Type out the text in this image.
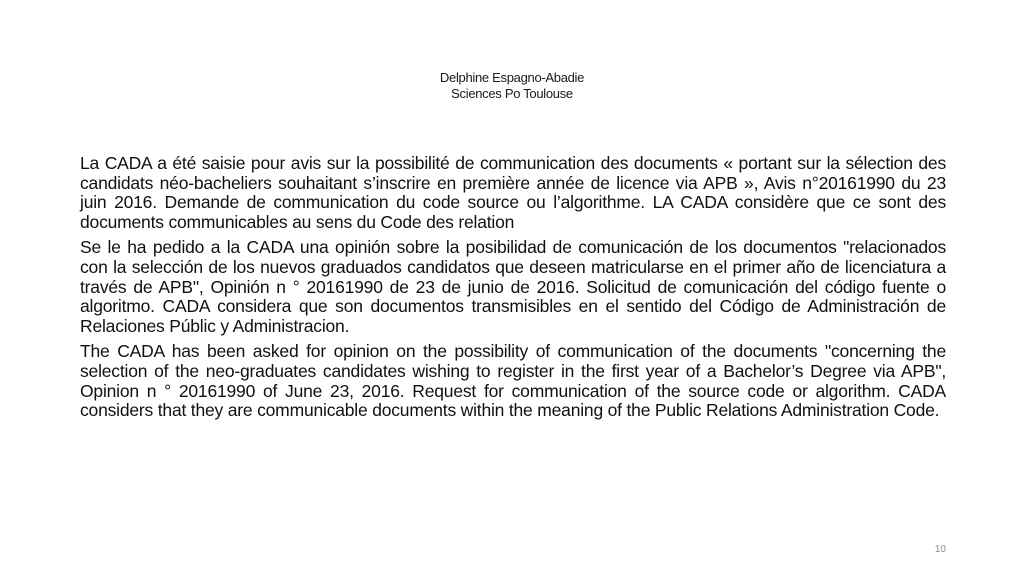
Delphine Espagno-Abadie
Sciences Po Toulouse

La CADA a été saisie pour avis sur la possibilité de communication des documents « portant sur la sélection des candidats néo-bacheliers souhaitant s’inscrire en première année de licence via APB », Avis n°20161990 du 23 juin 2016. Demande de communication du code source ou l’algorithme. LA CADA considère que ce sont des documents communicables au sens du Code des relation

Se le ha pedido a la CADA una opinión sobre la posibilidad de comunicación de los documentos "relacionados con la selección de los nuevos graduados candidatos que deseen matricularse en el primer año de licenciatura a través de APB", Opinión n ° 20161990 de 23 de junio de 2016. Solicitud de comunicación del código fuente o algoritmo. CADA considera que son documentos transmisibles en el sentido del Código de Administración de Relaciones Públic y Administracion.

The CADA has been asked for opinion on the possibility of communication of the documents "concerning the selection of the neo-graduates candidates wishing to register in the first year of a Bachelor’s Degree via APB", Opinion n ° 20161990 of June 23, 2016. Request for communication of the source code or algorithm. CADA considers that they are communicable documents within the meaning of the Public Relations Administration Code.

10
